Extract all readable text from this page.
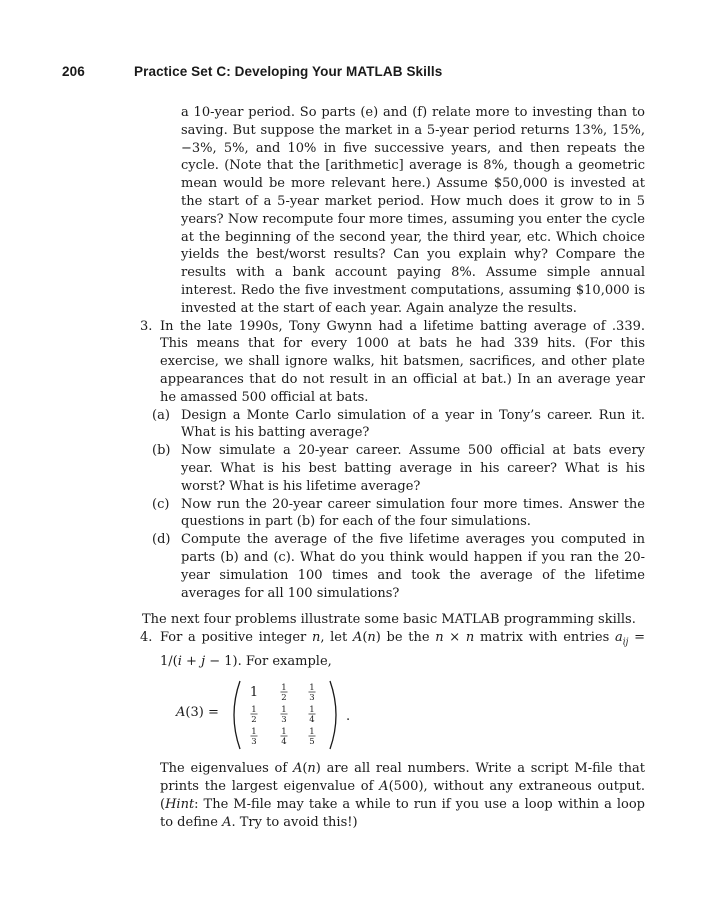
206	Practice Set C: Developing Your MATLAB Skills
a 10-year period. So parts (e) and (f) relate more to investing than to saving. But suppose the market in a 5-year period returns 13%, 15%, −3%, 5%, and 10% in five successive years, and then repeats the cycle. (Note that the [arithmetic] average is 8%, though a geometric mean would be more relevant here.) Assume $50,000 is invested at the start of a 5-year market period. How much does it grow to in 5 years? Now recompute four more times, assuming you enter the cycle at the beginning of the second year, the third year, etc. Which choice yields the best/worst results? Can you explain why? Compare the results with a bank account paying 8%. Assume simple annual interest. Redo the five investment computations, assuming $10,000 is invested at the start of each year. Again analyze the results.
3. In the late 1990s, Tony Gwynn had a lifetime batting average of .339. This means that for every 1000 at bats he had 339 hits. (For this exercise, we shall ignore walks, hit batsmen, sacrifices, and other plate appearances that do not result in an official at bat.) In an average year he amassed 500 official at bats.
(a) Design a Monte Carlo simulation of a year in Tony’s career. Run it. What is his batting average?
(b) Now simulate a 20-year career. Assume 500 official at bats every year. What is his best batting average in his career? What is his worst? What is his lifetime average?
(c) Now run the 20-year career simulation four more times. Answer the questions in part (b) for each of the four simulations.
(d) Compute the average of the five lifetime averages you computed in parts (b) and (c). What do you think would happen if you ran the 20-year simulation 100 times and took the average of the lifetime averages for all 100 simulations?
The next four problems illustrate some basic MATLAB programming skills.
4. For a positive integer n, let A(n) be the n × n matrix with entries $a_{ij} = 1/(i + j - 1)$. For example,
A(3) =
1	1
2
1
3
1
2
1
3
1
4
1
3
1
4
1
5
.
The eigenvalues of A(n) are all real numbers. Write a script M-file that prints the largest eigenvalue of A(500), without any extraneous output. (Hint: The M-file may take a while to run if you use a loop within a loop to define A. Try to avoid this!)
